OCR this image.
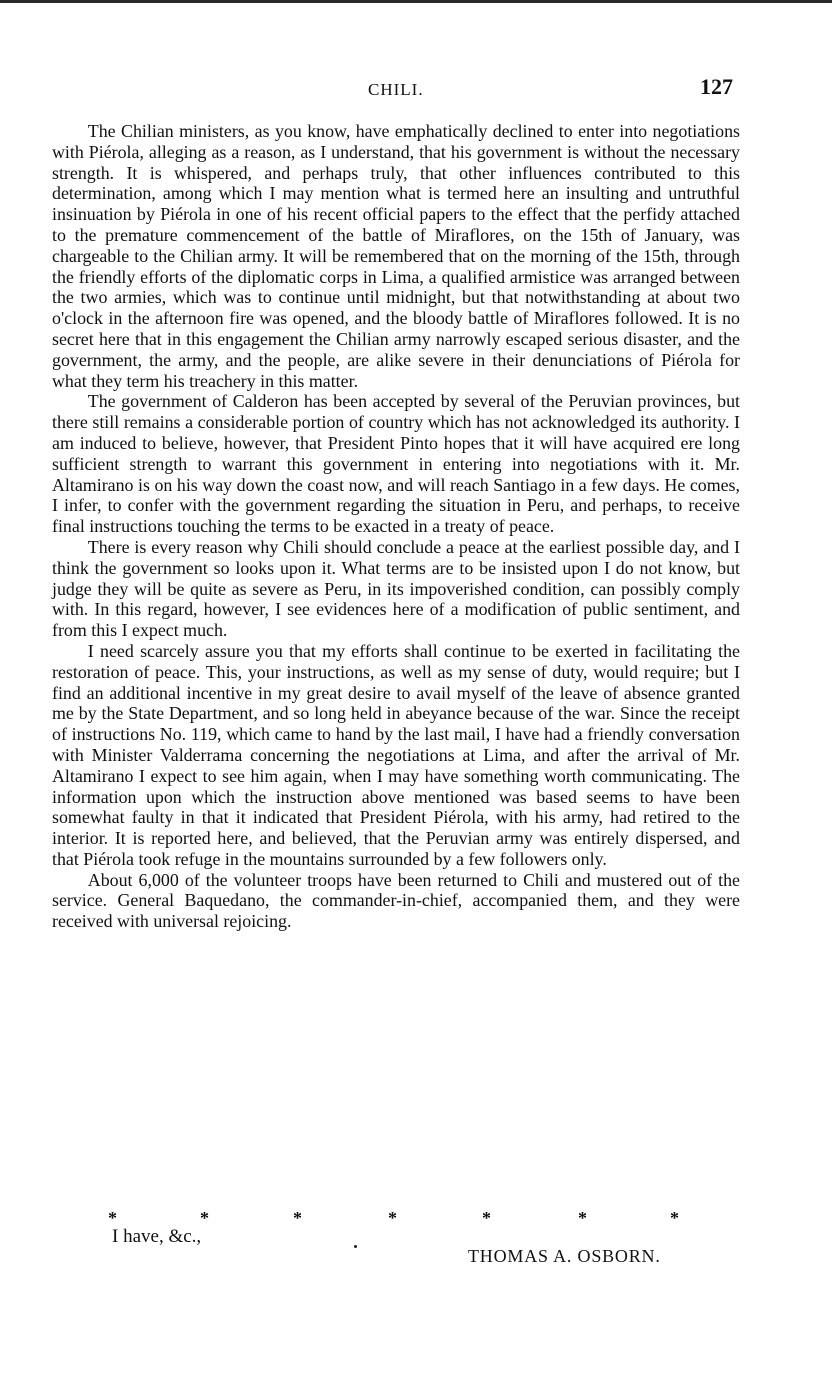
CHILI.	127

The Chilian ministers, as you know, have emphatically declined to enter into negotiations with Piérola, alleging as a reason, as I understand, that his government is without the necessary strength. It is whispered, and perhaps truly, that other influences contributed to this determination, among which I may mention what is termed here an insulting and untruthful insinuation by Piérola in one of his recent official papers to the effect that the perfidy attached to the premature commencement of the battle of Miraflores, on the 15th of January, was chargeable to the Chilian army. It will be remembered that on the morning of the 15th, through the friendly efforts of the diplomatic corps in Lima, a qualified armistice was arranged between the two armies, which was to continue until midnight, but that notwithstanding at about two o'clock in the afternoon fire was opened, and the bloody battle of Miraflores followed. It is no secret here that in this engagement the Chilian army narrowly escaped serious disaster, and the government, the army, and the people, are alike severe in their denunciations of Piérola for what they term his treachery in this matter.

The government of Calderon has been accepted by several of the Peruvian provinces, but there still remains a considerable portion of country which has not acknowledged its authority. I am induced to believe, however, that President Pinto hopes that it will have acquired ere long sufficient strength to warrant this government in entering into negotiations with it. Mr. Altamirano is on his way down the coast now, and will reach Santiago in a few days. He comes, I infer, to confer with the government regarding the situation in Peru, and perhaps, to receive final instructions touching the terms to be exacted in a treaty of peace.

There is every reason why Chili should conclude a peace at the earliest possible day, and I think the government so looks upon it. What terms are to be insisted upon I do not know, but judge they will be quite as severe as Peru, in its impoverished condition, can possibly comply with. In this regard, however, I see evidences here of a modification of public sentiment, and from this I expect much.

I need scarcely assure you that my efforts shall continue to be exerted in facilitating the restoration of peace. This, your instructions, as well as my sense of duty, would require; but I find an additional incentive in my great desire to avail myself of the leave of absence granted me by the State Department, and so long held in abeyance because of the war. Since the receipt of instructions No. 119, which came to hand by the last mail, I have had a friendly conversation with Minister Valderrama concerning the negotiations at Lima, and after the arrival of Mr. Altamirano I expect to see him again, when I may have something worth communicating. The information upon which the instruction above mentioned was based seems to have been somewhat faulty in that it indicated that President Piérola, with his army, had retired to the interior. It is reported here, and believed, that the Peruvian army was entirely dispersed, and that Piérola took refuge in the mountains surrounded by a few followers only.

About 6,000 of the volunteer troops have been returned to Chili and mustered out of the service. General Baquedano, the commander-in-chief, accompanied them, and they were received with universal rejoicing.

*	*	*	*	*	*	*
I have, &c.,
THOMAS A. OSBORN.
